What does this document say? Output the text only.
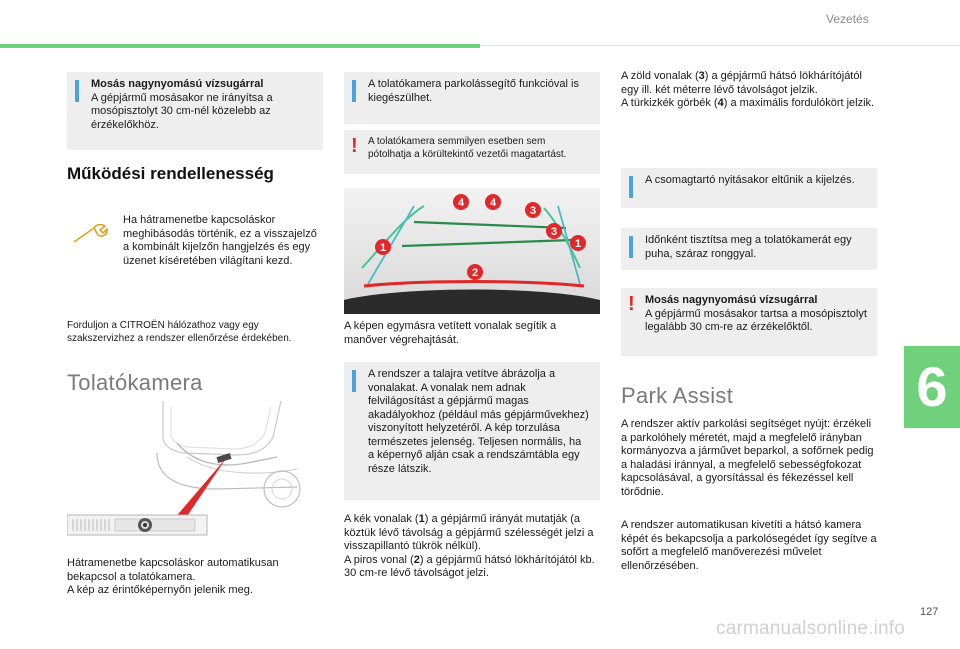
Vezetés
Mosás nagynyomású vízsugárral
A gépjármű mosásakor ne irányítsa a mosópisztolyt 30 cm-nél közelebb az érzékelőkhöz.
Működési rendellenesség
Ha hátramenetbe kapcsoláskor meghibásodás történik, ez a visszajelző a kombinált kijelzőn hangjelzés és egy üzenet kíséretében világítani kezd.
Forduljon a CITROËN hálózathoz vagy egy szakszervizhez a rendszer ellenőrzése érdekében.
Tolatókamera
Hátramenetbe kapcsoláskor automatikusan bekapcsol a tolatókamera.
A kép az érintőképernyőn jelenik meg.
A tolatókamera parkolássegítő funkcióval is kiegészülhet.
!	A tolatókamera semmilyen esetben sem pótolhatja a körültekintő vezetői magatartást.
4 4
3
3
1	1
2
A képen egymásra vetített vonalak segítik a manőver végrehajtását.
A rendszer a talajra vetítve ábrázolja a vonalakat. A vonalak nem adnak felvilágosítást a gépjármű magas akadályokhoz (például más gépjárművekhez) viszonyított helyzetéről. A kép torzulása természetes jelenség. Teljesen normális, ha a képernyő alján csak a rendszámtábla egy része látszik.
A kék vonalak (1) a gépjármű irányát mutatják (a köztük lévő távolság a gépjármű szélességét jelzi a visszapillantó tükrök nélkül).
A piros vonal (2) a gépjármű hátsó lökhárítójától kb. 30 cm-re lévő távolságot jelzi.
A zöld vonalak (3) a gépjármű hátsó lökhárítójától egy ill. két méterre lévő távolságot jelzik.
A türkizkék görbék (4) a maximális fordulókört jelzik.
A csomagtartó nyitásakor eltűnik a kijelzés.
Időnként tisztítsa meg a tolatókamerát egy puha, száraz ronggyal.
! Mosás nagynyomású vízsugárral
A gépjármű mosásakor tartsa a mosópisztolyt legalább 30 cm-re az érzékelőktől.
Park Assist
A rendszer aktív parkolási segítséget nyújt: érzékeli a parkolóhely méretét, majd a megfelelő irányban kormányozva a járművet beparkol, a sofőrnek pedig a haladási iránnyal, a megfelelő sebességfokozat kapcsolásával, a gyorsítással és fékezéssel kell törődnie.
A rendszer automatikusan kivetíti a hátsó kamera képét és bekapcsolja a parkolósegédet így segítve a sofőrt a megfelelő manőverezési művelet ellenőrzésében.
6
127
carmanualsonline.info
